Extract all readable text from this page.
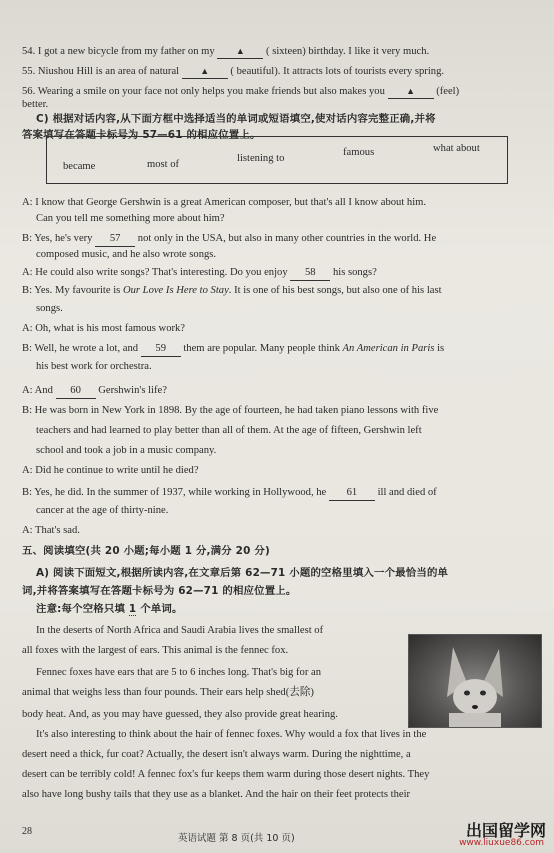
54. I got a new bicycle from my father on my ▲ ( sixteen) birthday. I like it very much.
55. Niushou Hill is an area of natural ▲ ( beautiful). It attracts lots of tourists every spring.
56. Wearing a smile on your face not only helps you make friends but also makes you ▲ (feel)
better.
C) 根据对话内容,从下面方框中选择适当的单词或短语填空,使对话内容完整正确,并将
答案填写在答题卡标号为 57—61 的相应位置上。
became	most of
listening to
famous	what about
A: I know that George Gershwin is a great American composer, but that's all I know about him.
Can you tell me something more about him?
B: Yes, he's very 57 not only in the USA, but also in many other countries in the world. He
composed music, and he also wrote songs.
A: He could also write songs? That's interesting. Do you enjoy 58 his songs?
B: Yes. My favourite is Our Love Is Here to Stay. It is one of his best songs, but also one of his last
songs.
A: Oh, what is his most famous work?
B: Well, he wrote a lot, and 59 them are popular. Many people think An American in Paris is
his best work for orchestra.
A: And 60 Gershwin's life?
B: He was born in New York in 1898. By the age of fourteen, he had taken piano lessons with five
teachers and had learned to play better than all of them. At the age of fifteen, Gershwin left
school and took a job in a music company.
A: Did he continue to write until he died?
B: Yes, he did. In the summer of 1937, while working in Hollywood, he 61 ill and died of
cancer at the age of thirty-nine.
A: That's sad.
五、阅读填空(共 20 小题;每小题 1 分,满分 20 分)
A) 阅读下面短文,根据所读内容,在文章后第 62—71 小题的空格里填入一个最恰当的单
词,并将答案填写在答题卡标号为 62—71 的相应位置上。
注意:每个空格只填 1 个单词。
In the deserts of North Africa and Saudi Arabia lives the smallest of
all foxes with the largest of ears. This animal is the fennec fox.
Fennec foxes have ears that are 5 to 6 inches long. That's big for an
animal that weighs less than four pounds. Their ears help shed(去除)
body heat. And, as you may have guessed, they also provide great hearing.
It's also interesting to think about the hair of fennec foxes. Why would a fox that lives in the
desert need a thick, fur coat? Actually, the desert isn't always warm. During the nighttime, a
desert can be terribly cold! A fennec fox's fur keeps them warm during those desert nights. They
also have long bushy tails that they use as a blanket. And the hair on their feet protects their
28
英语试题 第 8 页(共 10 页)	出国留学网
www.liuxue86.com
